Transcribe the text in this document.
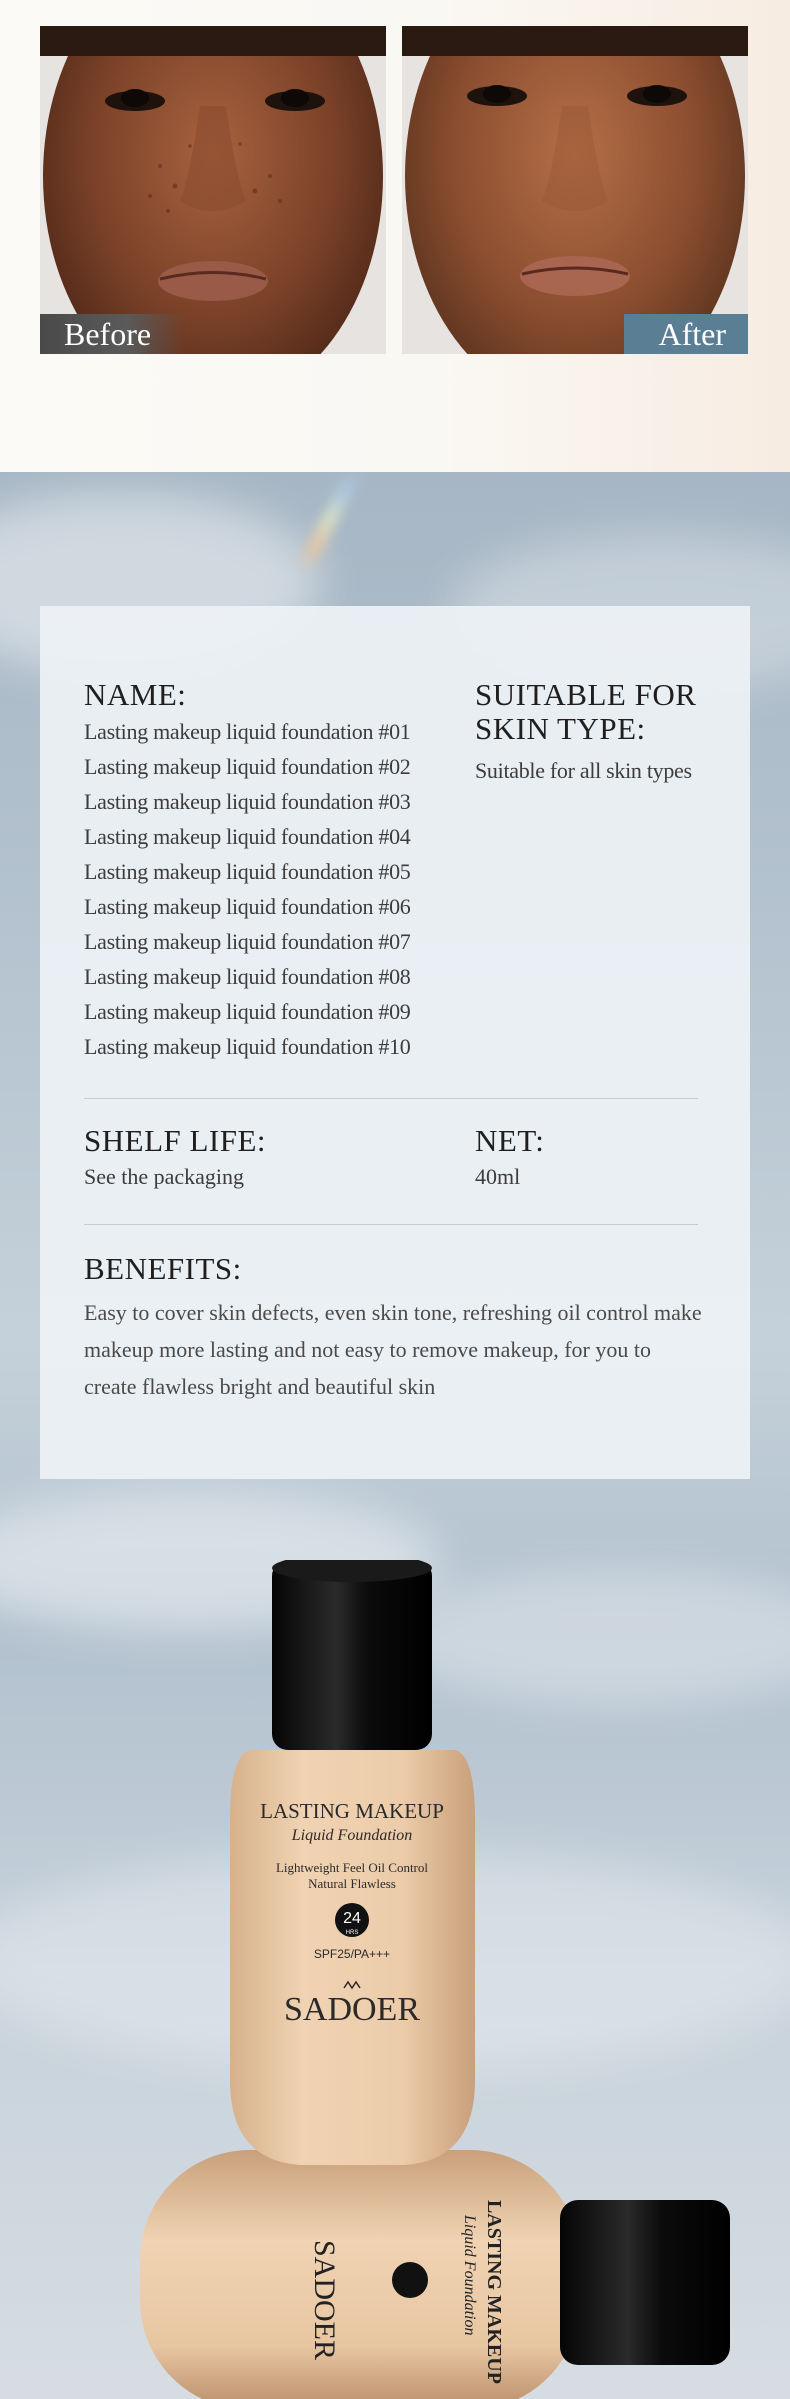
Before	After
NAME:
Lasting makeup liquid foundation #01
Lasting makeup liquid foundation #02
Lasting makeup liquid foundation #03
Lasting makeup liquid foundation #04
Lasting makeup liquid foundation #05
Lasting makeup liquid foundation #06
Lasting makeup liquid foundation #07
Lasting makeup liquid foundation #08
Lasting makeup liquid foundation #09
Lasting makeup liquid foundation #10
SUITABLE FOR
SKIN TYPE:
Suitable for all skin types
SHELF LIFE:
See the packaging
NET:
40ml
BENEFITS:
Easy to cover skin defects, even skin tone, refreshing oil control make makeup more lasting and not easy to remove makeup, for you to create flawless bright and beautiful skin
SADOER	LASTING MAKEUP
Liquid Foundation
LASTING MAKEUP
Liquid Foundation
Lightweight Feel Oil Control
Natural Flawless
24
HRS
SPF25/PA+++
SADOER
